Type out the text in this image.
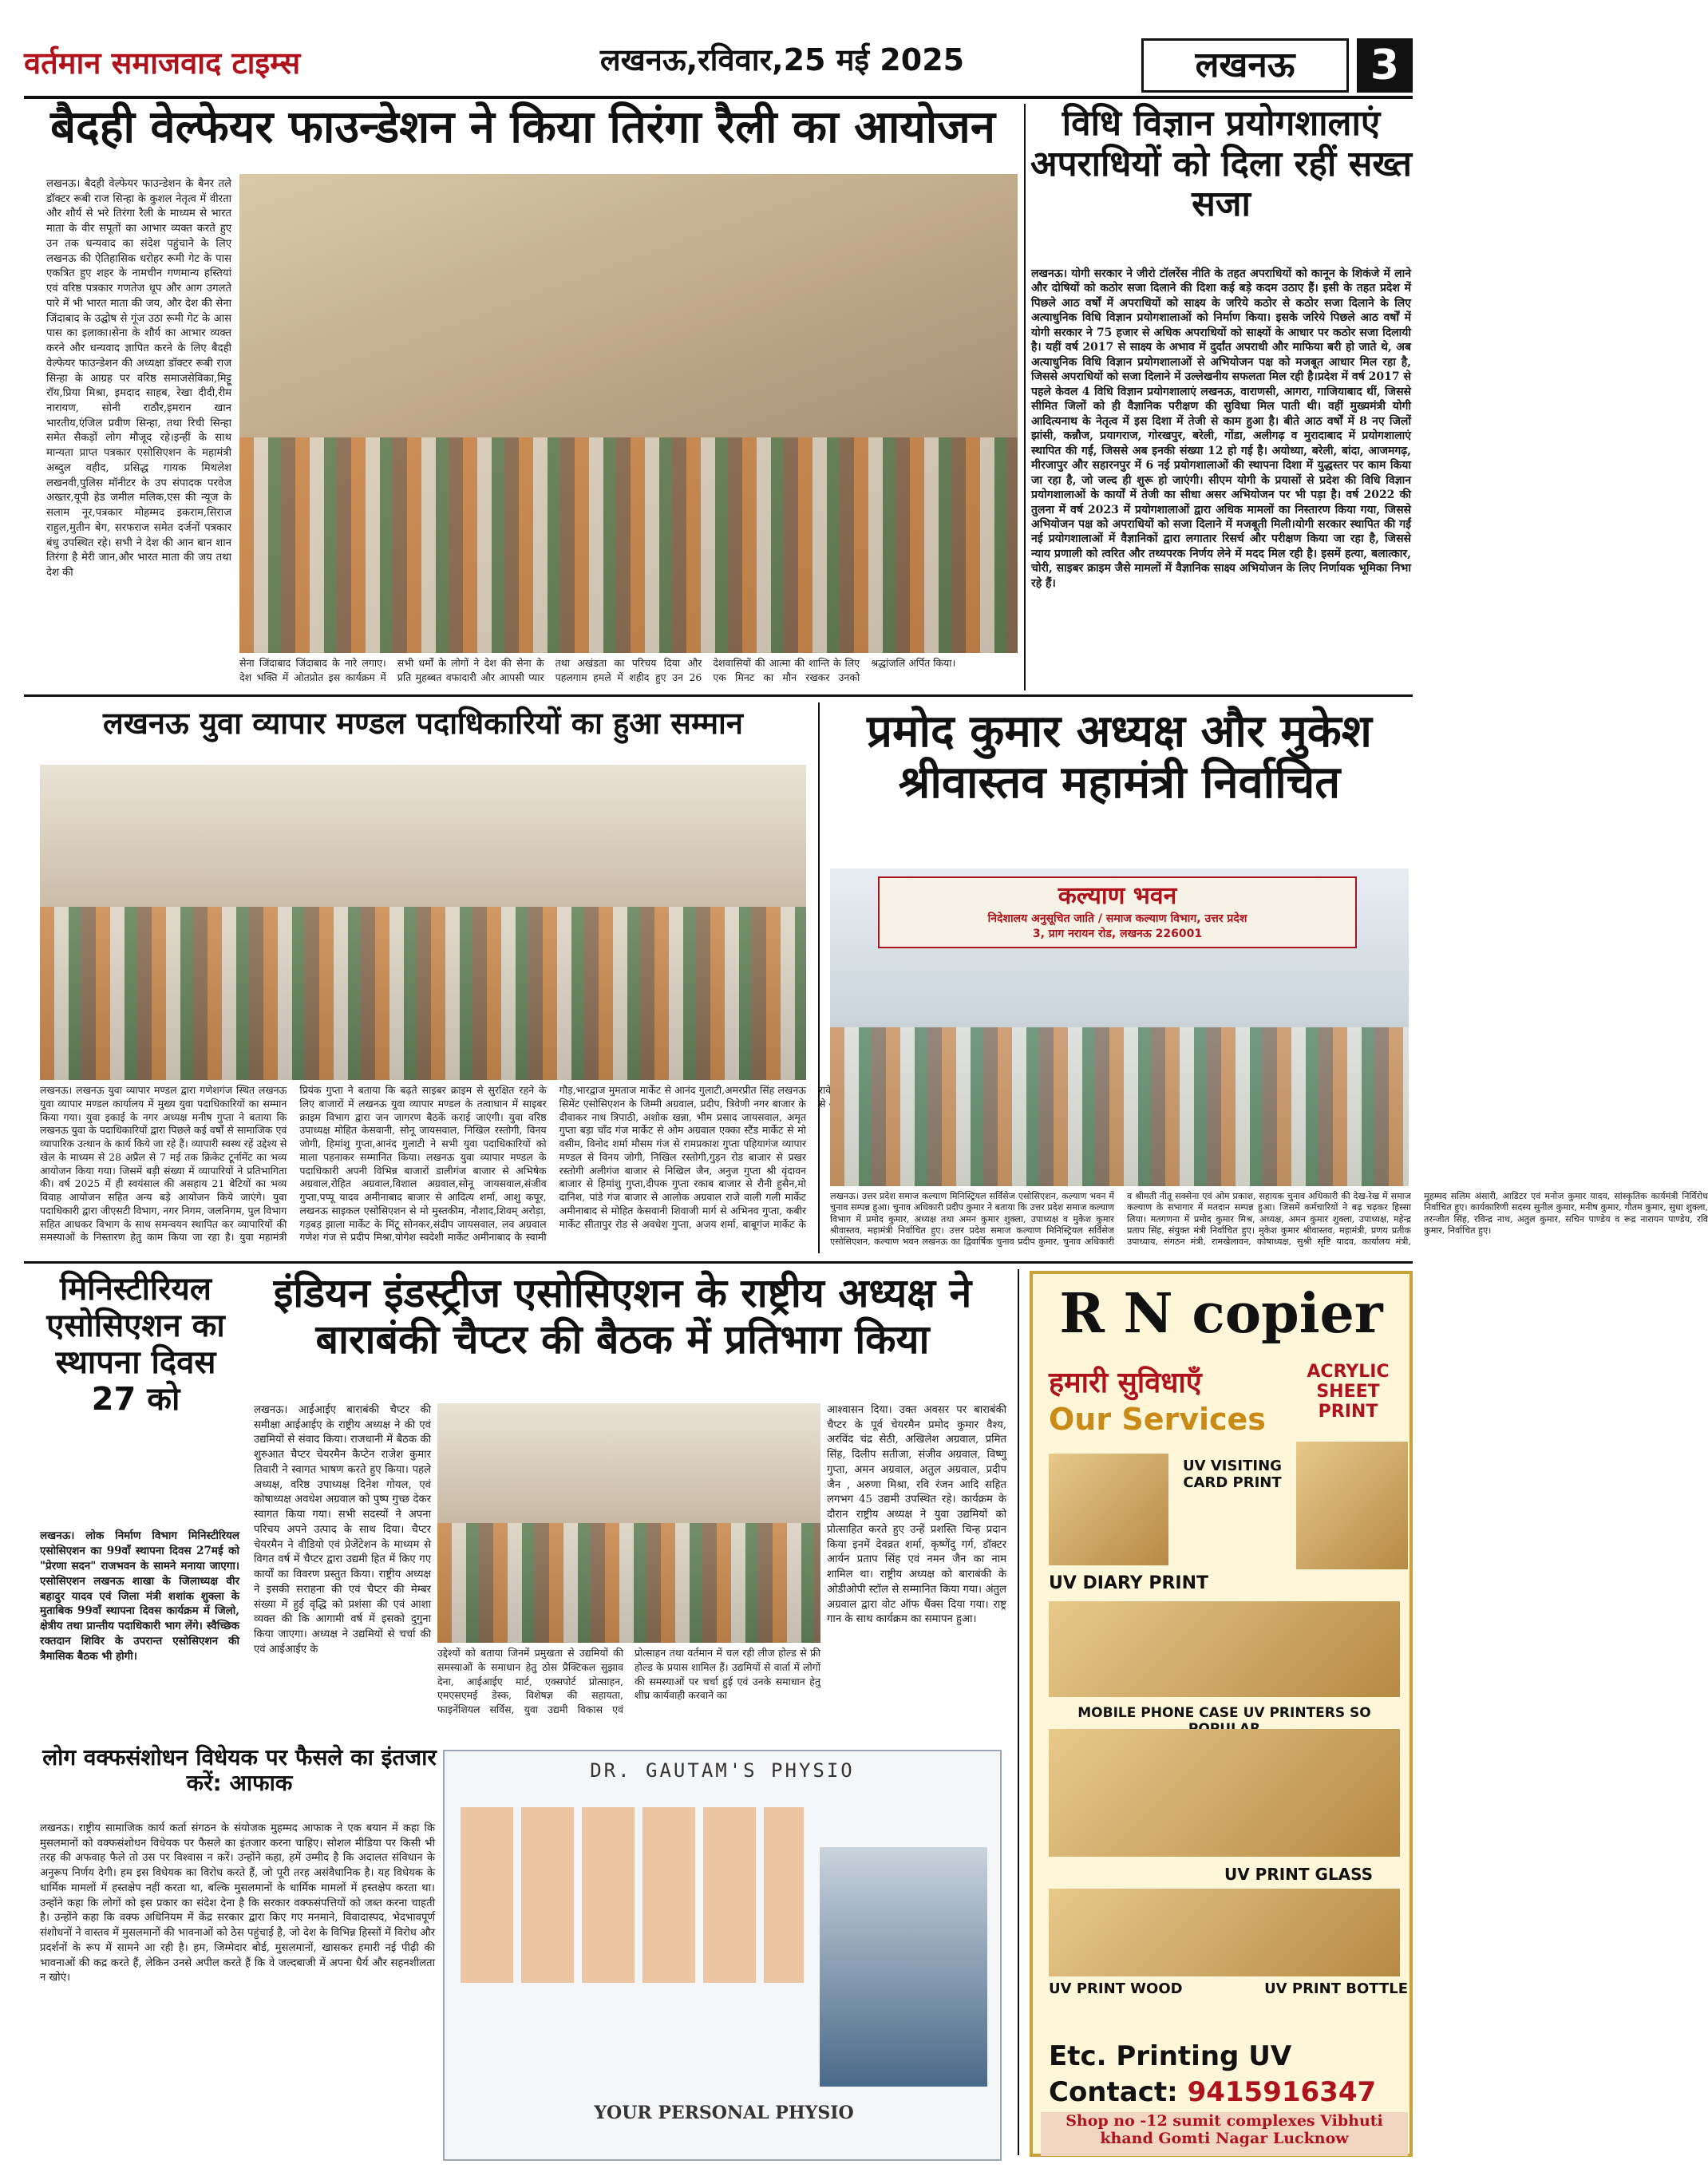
वर्तमान समाजवाद टाइम्स	लखनऊ,रविवार,25 मई 2025	लखनऊ	3
बैदही वेल्फेयर फाउन्डेशन ने किया तिरंगा रैली का आयोजन
लखनऊ। बैदही वेल्फेयर फाउन्डेशन के बैनर तले डॉक्टर रूबी राज सिन्हा के कुशल नेतृत्व में वीरता और शौर्य से भरे तिरंगा रैली के माध्यम से भारत माता के वीर सपूतों का आभार व्यक्त करते हुए उन तक धन्यवाद का संदेश पहुंचाने के लिए लखनऊ की ऐतिहासिक धरोहर रूमी गेट के पास एकत्रित हुए शहर के नामचीन गणमान्य हस्तियां एवं वरिष्ठ पत्रकार गणतेज धूप और आग उगलते पारे में भी भारत माता की जय, और देश की सेना जिंदाबाद के उद्घोष से गूंज उठा रूमी गेट के आस पास का इलाका।सेना के शौर्य का आभार व्यक्त करने और धन्यवाद ज्ञापित करने के लिए बैदही वेल्फेयर फाउन्डेशन की अध्यक्षा डॉक्टर रूबी राज सिन्हा के आग्रह पर वरिष्ठ समाजसेविका,मिट्टू रॉय,प्रिया मिश्रा, इमदाद साहब, रेखा दीदी,रीम नारायण, सोनी राठौर,इमरान खान भारतीय,एंजिल प्रवीण सिन्हा, तथा रिची सिन्हा समेत सैकड़ों लोग मौजूद रहे।इन्हीं के साथ मान्यता प्राप्त पत्रकार एसोसिएशन के महामंत्री अब्दुल वहीद, प्रसिद्ध गायक मिथलेश लखनवी,पुलिस मॉनीटर के उप संपादक परवेज अख्तर,यूपी हेड जमील मलिक,एस की न्यूज के सलाम नूर,पत्रकार मोहम्मद इकराम,सिराज राहुल,मुतीन बेग, सरफराज समेत दर्जनों पत्रकार बंधु उपस्थित रहे। सभी ने देश की आन बान शान तिरंगा है मेरी जान,और भारत माता की जय तथा देश की
सेना जिंदाबाद जिंदाबाद के नारे लगाए।देश भक्ति में ओतप्रोत इस कार्यक्रम में सभी धर्मों के लोगों ने देश की सेना के प्रति मुहब्बत वफादारी और आपसी प्यार तथा अखंडता का परिचय दिया और पहलगाम हमले में शहीद हुए उन 26 देशवासियों की आत्मा की शान्ति के लिए एक मिनट का मौन रखकर उनको श्रद्धांजलि अर्पित किया।
विधि विज्ञान प्रयोगशालाएं अपराधियों को दिला रहीं सख्त सजा
लखनऊ। योगी सरकार ने जीरो टॉलरेंस नीति के तहत अपराधियों को कानून के शिकंजे में लाने और दोषियों को कठोर सजा दिलाने की दिशा कई बड़े कदम उठाए हैं। इसी के तहत प्रदेश में पिछले आठ वर्षों में अपराधियों को साक्ष्य के जरिये कठोर से कठोर सजा दिलाने के लिए अत्याधुनिक विधि विज्ञान प्रयोगशालाओं को निर्माण किया। इसके जरिये पिछले आठ वर्षों में योगी सरकार ने 75 हजार से अधिक अपराधियों को साक्ष्यों के आधार पर कठोर सजा दिलायी है। यहीं वर्ष 2017 से साक्ष्य के अभाव में दुर्दांत अपराधी और माफिया बरी हो जाते थे, अब अत्याधुनिक विधि विज्ञान प्रयोगशालाओं से अभियोजन पक्ष को मजबूत आधार मिल रहा है, जिससे अपराधियों को सजा दिलाने में उल्लेखनीय सफलता मिल रही है।प्रदेश में वर्ष 2017 से पहले केवल 4 विधि विज्ञान प्रयोगशालाएं लखनऊ, वाराणसी, आगरा, गाजियाबाद थीं, जिससे सीमित जिलों को ही वैज्ञानिक परीक्षण की सुविधा मिल पाती थी। वहीं मुख्यमंत्री योगी आदित्यनाथ के नेतृत्व में इस दिशा में तेजी से काम हुआ है। बीते आठ वर्षों में 8 नए जिलों झांसी, कन्नौज, प्रयागराज, गोरखपुर, बरेली, गोंडा, अलीगढ़ व मुरादाबाद में प्रयोगशालाएं स्थापित की गईं, जिससे अब इनकी संख्या 12 हो गई है। अयोध्या, बरेली, बांदा, आजमगढ़, मीरजापुर और सहारनपुर में 6 नई प्रयोगशालाओं की स्थापना दिशा में युद्धस्तर पर काम किया जा रहा है, जो जल्द ही शुरू हो जाएंगी। सीएम योगी के प्रयासों से प्रदेश की विधि विज्ञान प्रयोगशालाओं के कार्यों में तेजी का सीधा असर अभियोजन पर भी पड़ा है। वर्ष 2022 की तुलना में वर्ष 2023 में प्रयोगशालाओं द्वारा अधिक मामलों का निस्तारण किया गया, जिससे अभियोजन पक्ष को अपराधियों को सजा दिलाने में मजबूती मिली।योगी सरकार स्थापित की गईं नई प्रयोगशालाओं में वैज्ञानिकों द्वारा लगातार रिसर्च और परीक्षण किया जा रहा है, जिससे न्याय प्रणाली को त्वरित और तथ्यपरक निर्णय लेने में मदद मिल रही है। इसमें हत्या, बलात्कार, चोरी, साइबर क्राइम जैसे मामलों में वैज्ञानिक साक्ष्य अभियोजन के लिए निर्णायक भूमिका निभा रहे हैं।
लखनऊ युवा व्यापार मण्डल पदाधिकारियों का हुआ सम्मान
लखनऊ। लखनऊ युवा व्यापार मण्डल द्वारा गणेशगंज स्थित लखनऊ युवा व्यापार मण्डल कार्यालय में मुख्य युवा पदाधिकारियों का सम्मान किया गया। युवा इकाई के नगर अध्यक्ष मनीष गुप्ता ने बताया कि लखनऊ युवा के पदाधिकारियों द्वारा पिछले कई वर्षों से सामाजिक एवं व्यापारिक उत्थान के कार्य किये जा रहे हैं। व्यापारी स्वस्थ रहें उद्देश्य से खेल के माध्यम से 28 अप्रैल से 7 मई तक क्रिकेट टूर्नामेंट का भव्य आयोजन किया गया। जिसमें बड़ी संख्या में व्यापारियों ने प्रतिभागिता की। वर्ष 2025 में ही स्वयंसाल की असहाय 21 बेटियों का भव्य विवाह आयोजन सहित अन्य बड़े आयोजन किये जाएंगे। युवा पदाधिकारी द्वारा जीएसटी विभाग, नगर निगम, जलनिगम, पुल विभाग सहित आधकर विभाग के साथ समन्वयन स्थापित कर व्यापारियों की समस्याओं के निस्तारण हेतु काम किया जा रहा है। युवा महामंत्री प्रियंक गुप्ता ने बताया कि बढ़ते साइबर क्राइम से सुरक्षित रहने के लिए बाजारों में लखनऊ युवा व्यापार मण्डल के तत्वाधान में साइबर क्राइम विभाग द्वारा जन जागरण बैठकें कराई जाएंगी। युवा वरिष्ठ उपाध्यक्ष मोहित केसवानी, सोनू जायसवाल, निखिल रस्तोगी, विनय जोगी, हिमांशु गुप्ता,आनंद गुलाटी ने सभी युवा पदाधिकारियों को माला पहनाकर सम्मानित किया। लखनऊ युवा व्यापार मण्डल के पदाधिकारी अपनी विभिन्न बाजारों डालीगंज बाजार से अभिषेक अग्रवाल,रोहित अग्रवाल,विशाल अग्रवाल,सोनू जायसवाल,संजीव गुप्ता,पप्पू यादव अमीनाबाद बाजार से आदित्य शर्मा, आशु कपूर, लखनऊ साइकल एसोसिएशन से मो मुस्तकीम, नौशाद,शिवम् अरोड़ा, गड़बड़ झाला मार्केट के मिंटू सोनकर,संदीप जायसवाल, लव अग्रवाल गणेश गंज से प्रदीप मिश्रा,योगेश स्वदेशी मार्केट अमीनाबाद के स्वामी गौड़,भारद्वाज मुमताज मार्केट से आनंद गुलाटी,अमरप्रीत सिंह लखनऊ सिमेंट एसोसिएशन के जिम्मी अग्रवाल, प्रदीप, त्रिवेणी नगर बाजार के दीवाकर नाथ त्रिपाठी, अशोक खन्ना, भीम प्रसाद जायसवाल, अमृत गुप्ता बड़ा चाँद गंज मार्केट से ओम अग्रवाल एक्का स्टैंड मार्केट से मो वसीम, विनोद शर्मा मौसम गंज से रामप्रकाश गुप्ता पहियागंज व्यापार मण्डल से विनय जोगी, निखिल रस्तोगी,गुड़न रोड बाजार से प्रखर रस्तोगी अलीगंज बाजार से निखिल जैन, अनुज गुप्ता श्री वृंदावन बाजार से हिमांशु गुप्ता,दीपक गुप्ता रकाब बाजार से रौनी हुसैन,मो दानिश, पांडे गंज बाजार से आलोक अग्रवाल राजे वाली गली मार्केट अमीनाबाद से मोहित केसवानी शिवाजी मार्ग से अभिनव गुप्ता, कबीर मार्केट सीतापुर रोड से अवधेश गुप्ता, अजय शर्मा, बाबूगंज मार्केट के से
प्रमोद कुमार अध्यक्ष और मुकेश श्रीवास्तव महामंत्री निर्वाचित
कल्याण भवन
निदेशालय अनुसूचित जाति / समाज कल्याण विभाग, उत्तर प्रदेश
3, प्राग नरायन रोड, लखनऊ 226001
लखनऊ। उत्तर प्रदेश समाज कल्याण मिनिस्ट्रियल सर्विसेज एसोसिएशन, कल्याण भवन में चुनाव सम्पन्न हुआ। चुनाव अधिकारी प्रदीप कुमार ने बताया कि उत्तर प्रदेश समाज कल्याण विभाग में प्रमोद कुमार, अध्यक्ष तथा अमन कुमार शुक्ला, उपाध्यक्ष व मुकेश कुमार श्रीवास्तव, महामंत्री निर्वाचित हुए। उत्तर प्रदेश समाज कल्याण मिनिस्ट्रियल सर्विसेज एसोसिएशन, कल्याण भवन लखनऊ का द्विवार्षिक चुनाव प्रदीप कुमार, चुनाव अधिकारी व श्रीमती नीतू सक्सेना एवं ओम प्रकाश, सहायक चुनाव अधिकारी की देख-रेख में समाज कल्याण के सभागार में मतदान सम्पन्न हुआ। जिसमें कर्मचारियों ने बढ़ चढ़कर हिस्सा लिया। मतगणना में प्रमोद कुमार मिश्र, अध्यक्ष, अमन कुमार शुक्ला, उपाध्यक्ष, महेन्द्र प्रताप सिंह, संयुक्त मंत्री निर्वाचित हुए। मुकेश कुमार श्रीवास्तव, महामंत्री, प्रणय प्रतीक उपाध्याय, संगठन मंत्री, रामखेलावन, कोषाध्यक्ष, सुश्री सृष्टि यादव, कार्यालय मंत्री, मुहम्मद सलिम अंसारी, आडिटर एवं मनोज कुमार यादव, सांस्कृतिक कार्यमंत्री निर्विरोध निर्वाचित हुए। कार्यकारिणी सदस्य सुनील कुमार, मनीष कुमार, गौतम कुमार, सुधा शुक्ला, तरन्जीत सिंह, रविन्द्र नाथ, अतुल कुमार, सचिन पाण्डेय व रूद्र नारायन पाण्डेय, रवि कुमार, निर्वाचित हुए।
मिनिस्टीरियल एसोसिएशन का स्थापना दिवस 27 को
लखनऊ। लोक निर्माण विभाग मिनिस्टीरियल एसोसिएशन का 99वाँ स्थापना दिवस 27मई को "प्रेरणा सदन" राजभवन के सामने मनाया जाएगा। एसोसिएशन लखनऊ शाखा के जिलाध्यक्ष वीर बहादुर यादव एवं जिला मंत्री शशांक शुक्ला के मुताबिक 99वाँ स्थापना दिवस कार्यक्रम में जिलो, क्षेत्रीय तथा प्रान्तीय पदाधिकारी भाग लेंगे। स्वैच्छिक रक्तदान शिविर के उपरान्त एसोसिएशन की त्रैमासिक बैठक भी होगी।
इंडियन इंडस्ट्रीज एसोसिएशन के राष्ट्रीय अध्यक्ष ने बाराबंकी चैप्टर की बैठक में प्रतिभाग किया
लखनऊ। आईआईए बाराबंकी चैप्टर की समीक्षा आईआईए के राष्ट्रीय अध्यक्ष ने की एवं उद्यमियों से संवाद किया। राजधानी में बैठक की शुरुआत चैप्टर चेयरमैन कैप्टेन राजेश कुमार तिवारी ने स्वागत भाषण करते हुए किया। पहले अध्यक्ष, वरिष्ठ उपाध्यक्ष दिनेश गोयल, एवं कोषाध्यक्ष अवधेश अग्रवाल को पुष्प गुच्छ देकर स्वागत किया गया। सभी सदस्यों ने अपना परिचय अपने उत्पाद के साथ दिया। चैप्टर चेयरमैन ने वीडियो एवं प्रेजेंटेशन के माध्यम से विगत वर्ष में चैप्टर द्वारा उद्यमी हित में किए गए कार्यों का विवरण प्रस्तुत किया। राष्ट्रीय अध्यक्ष ने इसकी सराहना की एवं चैप्टर की मेम्बर संख्या में हुई वृद्धि को प्रशंसा की एवं आशा व्यक्त की कि आगामी वर्ष में इसको दुगुना किया जाएगा। अध्यक्ष ने उद्यमियों से चर्चा की एवं आईआईए के	उद्देश्यों को बताया जिनमें प्रमुखता से उद्यमियों की समस्याओं के समाधान हेतु ठोस प्रैक्टिकल सुझाव देना, आईआईए मार्ट, एक्सपोर्ट प्रोत्साहन, एमएसएमई डेस्क, विशेषज्ञ की सहायता, फाइनेंशियल सर्विस, युवा उद्यमी विकास एवं प्रोत्साहन तथा वर्तमान में चल रही लीज होल्ड से फ्री होल्ड के प्रयास शामिल हैं। उद्यमियों से वार्ता में लोगों की समस्याओं पर चर्चा हुई एवं उनके समाधान हेतु शीघ्र कार्यवाही करवाने का
आश्वासन दिया। उक्त अवसर पर बाराबंकी चैप्टर के पूर्व चेयरमैन प्रमोद कुमार वैश्य, अरविंद चंद्र सेठी, अखिलेश अग्रवाल, प्रमित सिंह, दिलीप सतीजा, संजीव अग्रवाल, विष्णु गुप्ता, अमन अग्रवाल, अतुल अग्रवाल, प्रदीप जैन , अरुणा मिश्रा, रवि रंजन आदि सहित लगभग 45 उद्यमी उपस्थित रहे। कार्यक्रम के दौरान राष्ट्रीय अध्यक्ष ने युवा उद्यमियों को प्रोत्साहित करते हुए उन्हें प्रशस्ति चिन्ह प्रदान किया इनमें देवव्रत शर्मा, कृष्णेंदु गर्ग, डॉक्टर आर्यन प्रताप सिंह एवं नमन जैन का नाम शामिल था। राष्ट्रीय अध्यक्ष को बाराबंकी के ओडीओपी स्टॉल से सम्मानित किया गया। अंतुल अग्रवाल द्वारा वोट ऑफ थैंक्स दिया गया। राष्ट्र गान के साथ कार्यक्रम का समापन हुआ।
लोग वक्फसंशोधन विधेयक पर फैसले का इंतजार करें: आफाक
लखनऊ। राष्ट्रीय सामाजिक कार्य कर्ता संगठन के संयोजक मुहम्मद आफाक ने एक बयान में कहा कि मुसलमानों को वक्फसंशोधन विधेयक पर फैसले का इंतजार करना चाहिए। सोशल मीडिया पर किसी भी तरह की अफवाह फैले तो उस पर विश्वास न करें। उन्होंने कहा, हमें उम्मीद है कि अदालत संविधान के अनुरूप निर्णय देगी। हम इस विधेयक का विरोध करते हैं, जो पूरी तरह असंवैधानिक है। यह विधेयक के धार्मिक मामलों में हस्तक्षेप नहीं करता था, बल्कि मुसलमानों के धार्मिक मामलों में हस्तक्षेप करता था। उन्होंने कहा कि लोगों को इस प्रकार का संदेश देना है कि सरकार वक्फसंपत्तियों को जब्त करना चाहती है। उन्होंने कहा कि वक्फ अधिनियम में केंद्र सरकार द्वारा किए गए मनमाने, विवादास्पद, भेदभावपूर्ण संशोधनों ने वास्तव में मुसलमानों की भावनाओं को ठेस पहुंचाई है, जो देश के विभिन्न हिस्सों में विरोध और प्रदर्शनों के रूप में सामने आ रही है। हम, जिम्मेदार बोर्ड, मुसलमानों, खासकर हमारी नई पीढ़ी की भावनाओं की कद्र करते हैं, लेकिन उनसे अपील करते हैं कि वे जल्दबाजी में अपना धैर्य और सहनशीलता न खोएं।
DR. GAUTAM'S PHYSIO
YOUR PERSONAL PHYSIO
R N copier
हमारी सुविधाएँ
Our Services
ACRYLIC SHEET PRINT
UV VISITING CARD PRINT
UV DIARY PRINT
MOBILE PHONE CASE UV PRINTERS SO
UV PRINT GLASS
UV PRINT WOOD	UV PRINT BOTTLE
Etc. Printing UV
Contact: 9415916347
Shop no -12 sumit complexes Vibhuti khand Gomti Nagar Lucknow
